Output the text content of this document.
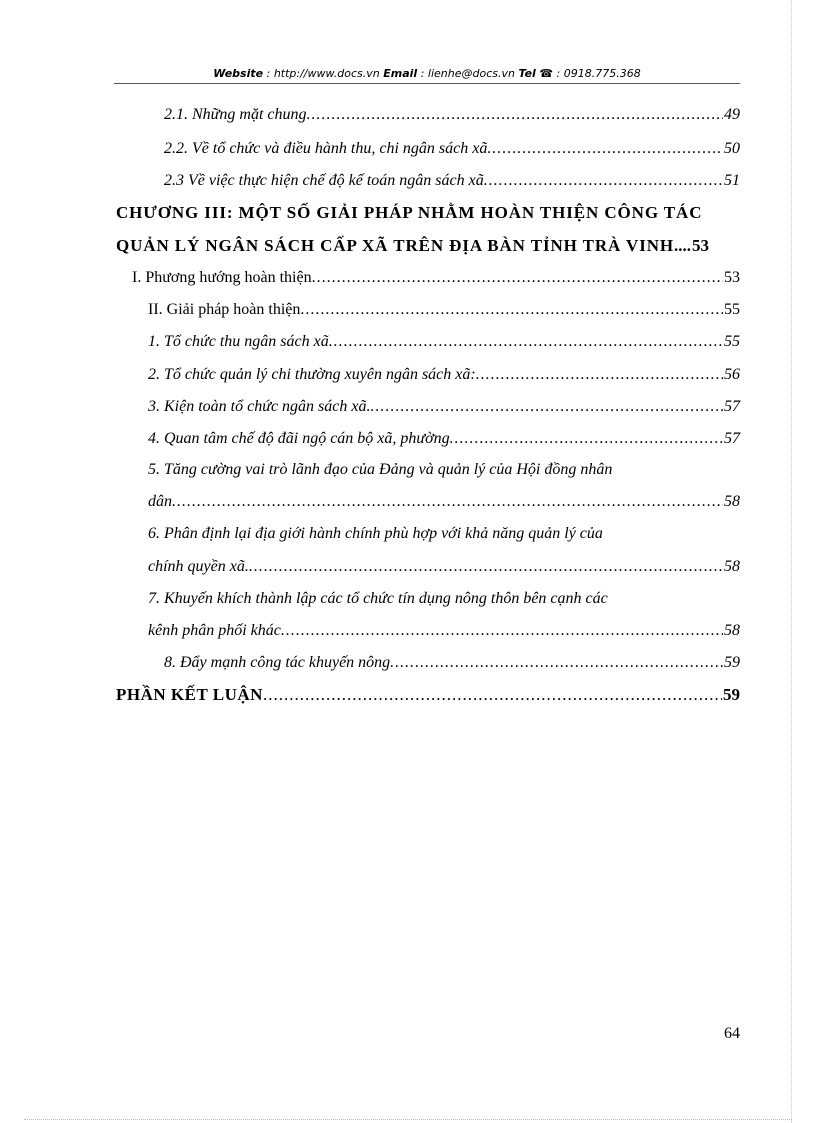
Website : http://www.docs.vn Email : lienhe@docs.vn Tel ☎ : 0918.775.368
2.1. Những mặt chung .....	49
2.2. Về tổ chức và điều hành thu, chi ngân sách xã .....	50
2.3 Về việc thực hiện chế độ kế toán ngân sách xã .....	51
CHƯƠNG III: MỘT SỐ GIẢI PHÁP NHẰM HOÀN THIỆN CÔNG TÁC
QUẢN LÝ NGÂN SÁCH CẤP XÃ TRÊN ĐỊA BÀN TỈNH TRÀ VINH .... 53
I. Phương hướng hoàn thiện .....	53
II. Giải pháp hoàn thiện .....	55
1. Tổ chức thu ngân sách xã .....	55
2. Tổ chức quản lý chi thường xuyên ngân sách xã: .....	56
3. Kiện toàn tổ chức ngân sách xã. .....	57
4. Quan tâm chế độ đãi ngộ cán bộ xã, phường .....	57
5. Tăng cường vai trò lãnh đạo của Đảng và quản lý của Hội đồng nhân
dân .....	58
6. Phân định lại địa giới hành chính phù hợp với khả năng quản lý của
chính quyền xã. .....	58
7. Khuyến khích thành lập các tổ chức tín dụng nông thôn bên cạnh các
kênh phân phối khác .....	58
8. Đẩy mạnh công tác khuyến nông .....	59
PHẦN KẾT LUẬN .....	59
64
